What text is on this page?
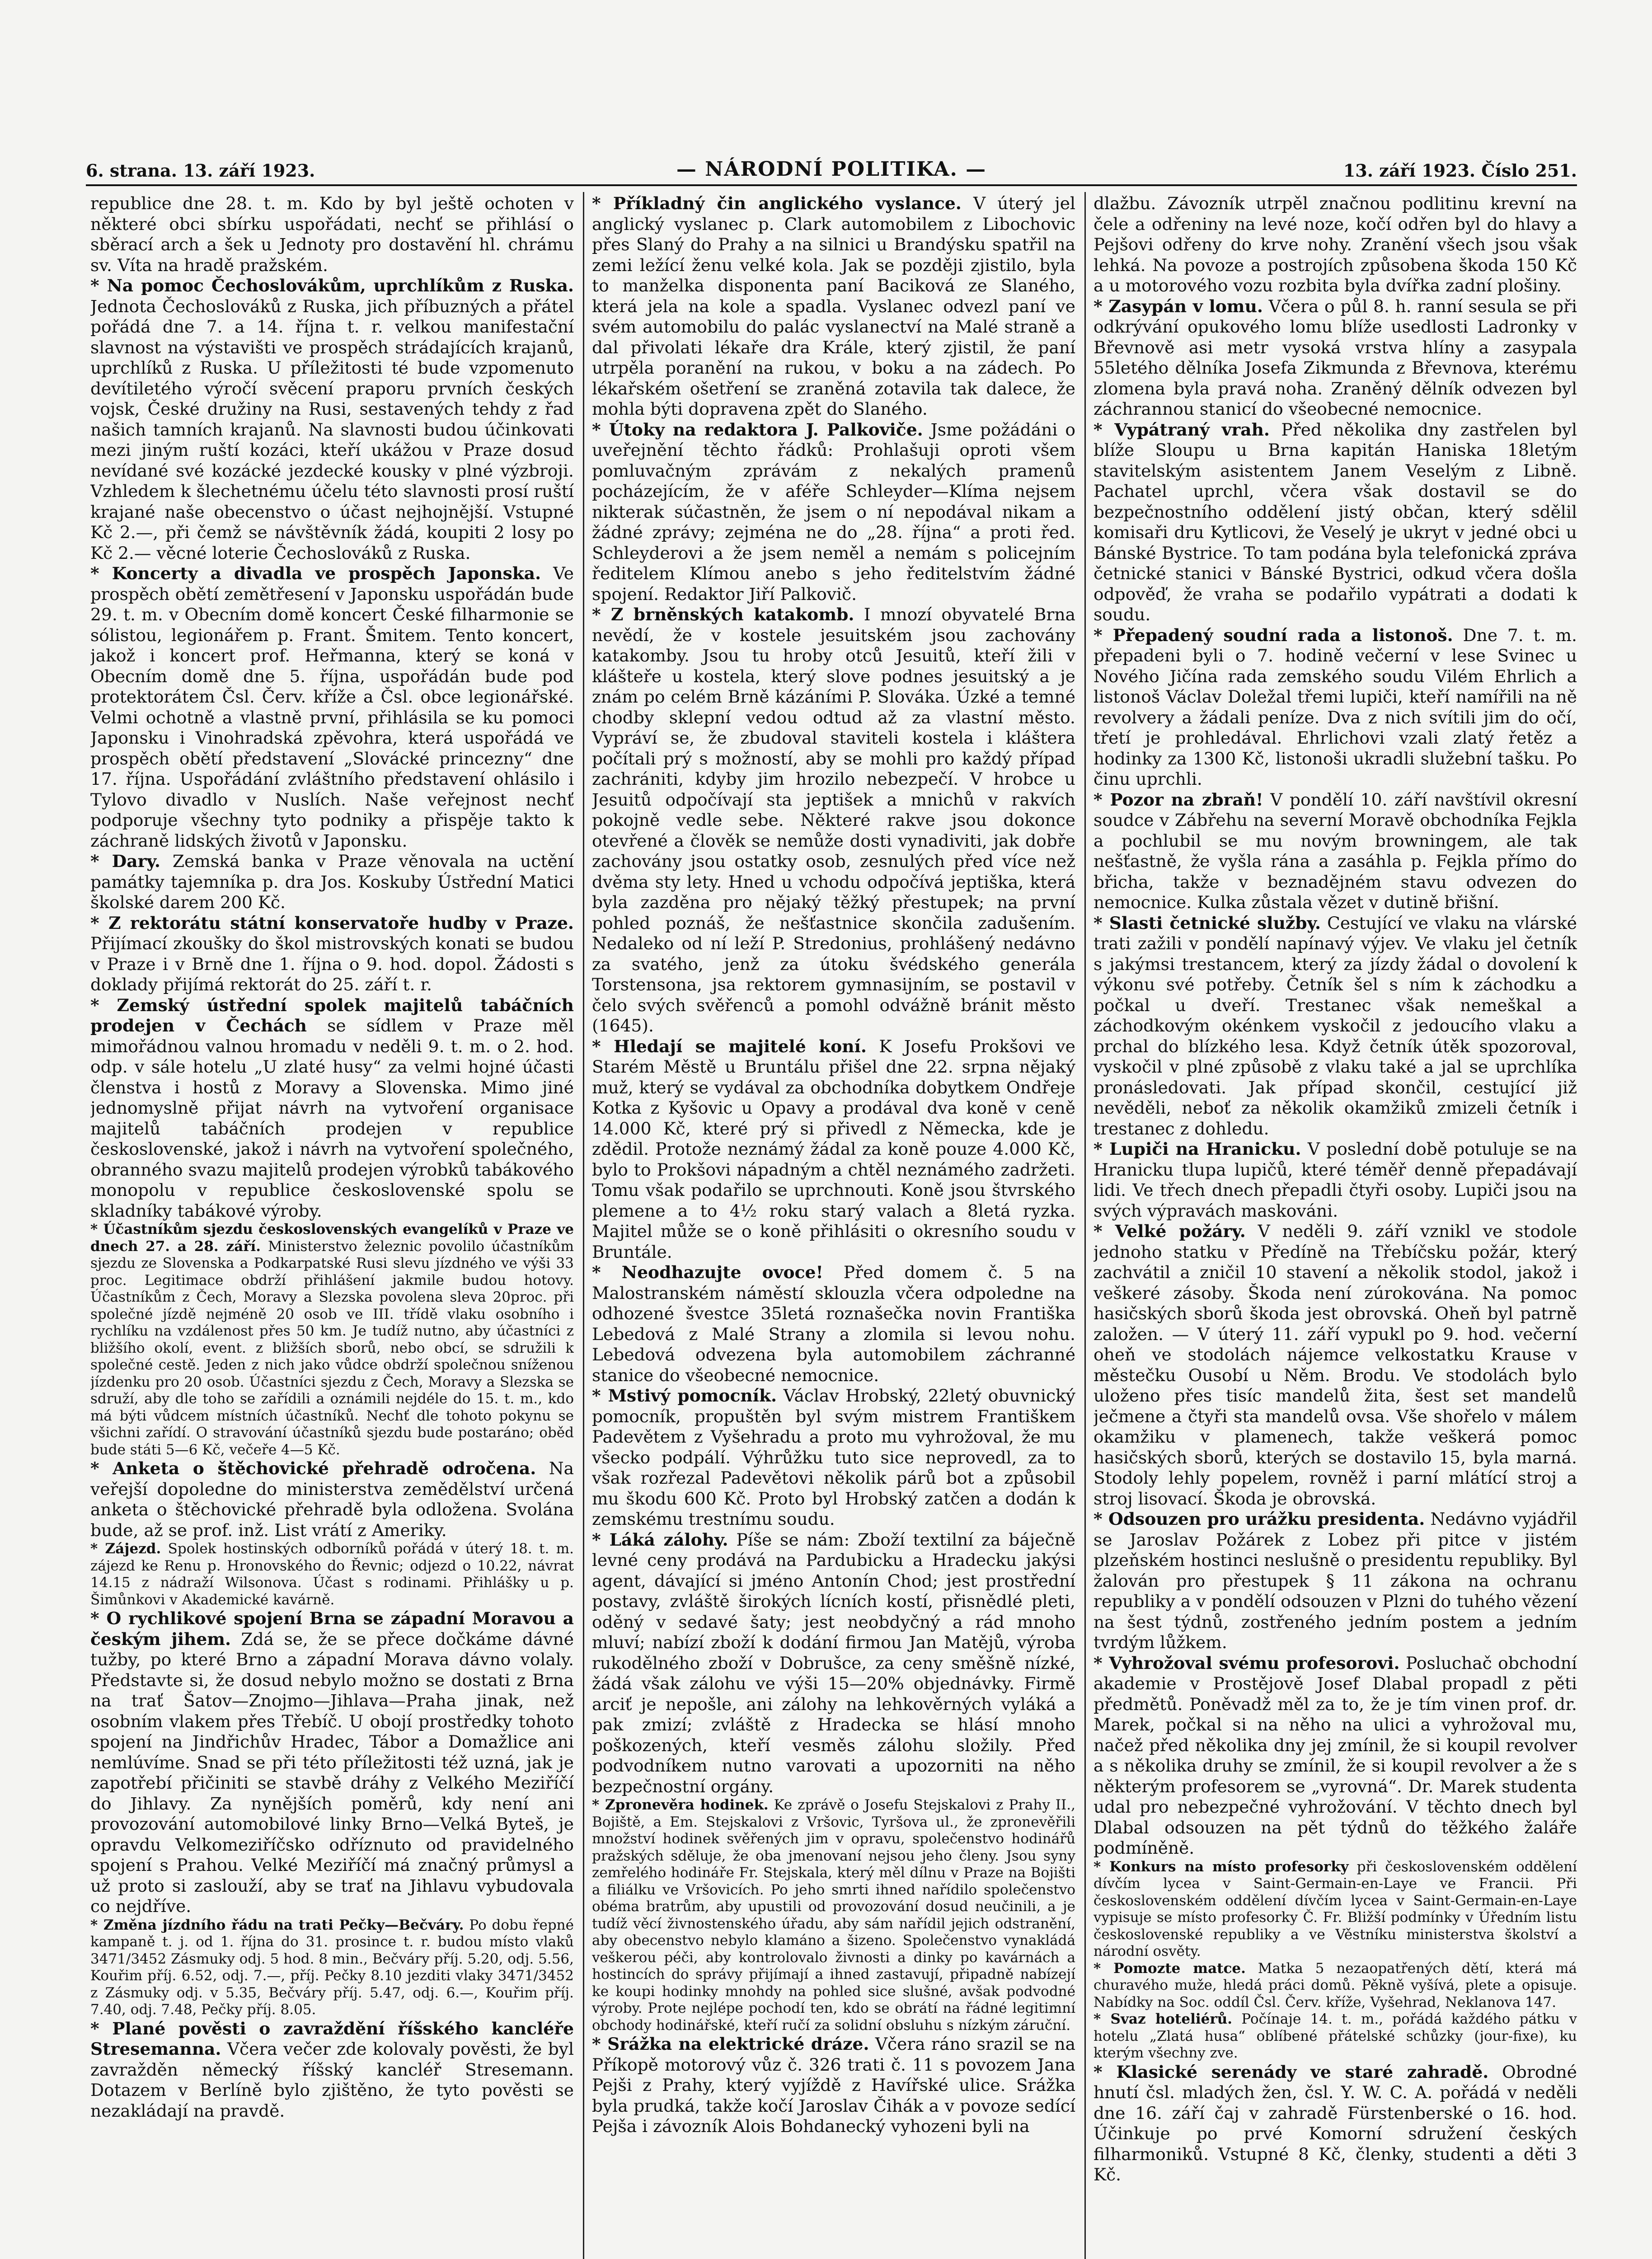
6. strana. 13. září 1923.	— NÁRODNÍ POLITIKA. —	13. září 1923. Číslo 251.

republice dne 28. t. m. Kdo by byl ještě ochoten v některé obci sbírku uspořádati, nechť se přihlásí o sběrací arch a šek u Jednoty pro dostavění hl. chrámu sv. Víta na hradě pražském.

* Na pomoc Čechoslovákům, uprchlíkům z Ruska. Jednota Čechoslováků z Ruska, jich příbuzných a přátel pořádá dne 7. a 14. října t. r. velkou manifestační slavnost na výstavišti ve prospěch strádajících krajanů, uprchlíků z Ruska. U příležitosti té bude vzpomenuto devítiletého výročí svěcení praporu prvních českých vojsk, České družiny na Rusi, sestavených tehdy z řad našich tamních krajanů. Na slavnosti budou účinkovati mezi jiným ruští kozáci, kteří ukážou v Praze dosud nevídané své kozácké jezdecké kousky v plné výzbroji. Vzhledem k šlechetnému účelu této slavnosti prosí ruští krajané naše obecenstvo o účast nejhojnější. Vstupné Kč 2.—, při čemž se návštěvník žádá, koupiti 2 losy po Kč 2.— věcné loterie Čechoslováků z Ruska.

* Koncerty a divadla ve prospěch Japonska. Ve prospěch obětí zemětřesení v Japonsku uspořádán bude 29. t. m. v Obecním domě koncert České filharmonie se sólistou, legionářem p. Frant. Šmitem. Tento koncert, jakož i koncert prof. Heřmanna, který se koná v Obecním domě dne 5. října, uspořádán bude pod protektorátem Čsl. Červ. kříže a Čsl. obce legionářské. Velmi ochotně a vlastně první, přihlásila se ku pomoci Japonsku i Vinohradská zpěvohra, která uspořádá ve prospěch obětí představení „Slovácké princezny“ dne 17. října. Uspořádání zvláštního představení ohlásilo i Tylovo divadlo v Nuslích. Naše veřejnost nechť podporuje všechny tyto podniky a přispěje takto k záchraně lidských životů v Japonsku.

* Dary. Zemská banka v Praze věnovala na uctění památky tajemníka p. dra Jos. Koskuby Ústřední Matici školské darem 200 Kč.

* Z rektorátu státní konservatoře hudby v Praze. Přijímací zkoušky do škol mistrovských konati se budou v Praze i v Brně dne 1. října o 9. hod. dopol. Žádosti s doklady přijímá rektorát do 25. září t. r.

* Zemský ústřední spolek majitelů tabáčních prodejen v Čechách se sídlem v Praze měl mimořádnou valnou hromadu v neděli 9. t. m. o 2. hod. odp. v sále hotelu „U zlaté husy“ za velmi hojné účasti členstva i hostů z Moravy a Slovenska. Mimo jiné jednomyslně přijat návrh na vytvoření organisace majitelů tabáčních prodejen v republice československé, jakož i návrh na vytvoření společného, obranného svazu majitelů prodejen výrobků tabákového monopolu v republice československé spolu se skladníky tabákové výroby.

* Účastníkům sjezdu československých evangelíků v Praze ve dnech 27. a 28. září. Ministerstvo železnic povolilo účastníkům sjezdu ze Slovenska a Podkarpatské Rusi slevu jízdného ve výši 33 proc. Legitimace obdrží přihlášení jakmile budou hotovy. Účastníkům z Čech, Moravy a Slezska povolena sleva 20proc. při společné jízdě nejméně 20 osob ve III. třídě vlaku osobního i rychlíku na vzdálenost přes 50 km. Je tudíž nutno, aby účastníci z bližšího okolí, event. z bližších sborů, nebo obcí, se sdružili k společné cestě. Jeden z nich jako vůdce obdrží společnou sníženou jízdenku pro 20 osob. Účastníci sjezdu z Čech, Moravy a Slezska se sdruží, aby dle toho se zařídili a oznámili nejdéle do 15. t. m., kdo má býti vůdcem místních účastníků. Nechť dle tohoto pokynu se všichni zařídí. O stravování účastníků sjezdu bude postaráno; oběd bude státi 5—6 Kč, večeře 4—5 Kč.

* Anketa o štěchovické přehradě odročena. Na veřejší dopoledne do ministerstva zemědělství určená anketa o štěchovické přehradě byla odložena. Svolána bude, až se prof. inž. List vrátí z Ameriky.

* Zájezd. Spolek hostinských odborníků pořádá v úterý 18. t. m. zájezd ke Renu p. Hronovského do Řevnic; odjezd o 10.22, návrat 14.15 z nádraží Wilsonova. Účast s rodinami. Přihlášky u p. Šimůnkovi v Akademické kavárně.

* O rychlikové spojení Brna se západní Moravou a českým jihem. Zdá se, že se přece dočkáme dávné tužby, po které Brno a západní Morava dávno volaly. Představte si, že dosud nebylo možno se dostati z Brna na trať Šatov—Znojmo—Jihlava—Praha jinak, než osobním vlakem přes Třebíč. U obojí prostředky tohoto spojení na Jindřichův Hradec, Tábor a Domažlice ani nemlúvíme. Snad se při této příležitosti též uzná, jak je zapotřebí přičiniti se stavbě dráhy z Velkého Meziříčí do Jihlavy. Za nynějších poměrů, kdy není ani provozování automobilové linky Brno—Velká Byteš, je opravdu Velkomeziříčsko odříznuto od pravidelného spojení s Prahou. Velké Meziříčí má značný průmysl a už proto si zaslouží, aby se trať na Jihlavu vybudovala co nejdříve.

* Změna jízdního řádu na trati Pečky—Bečváry. Po dobu řepné kampaně t. j. od 1. října do 31. prosince t. r. budou místo vlaků 3471/3452 Zásmuky odj. 5 hod. 8 min., Bečváry příj. 5.20, odj. 5.56, Kouřim příj. 6.52, odj. 7.—, příj. Pečky 8.10 jezditi vlaky 3471/3452 z Zásmuky odj. v 5.35, Bečváry příj. 5.47, odj. 6.—, Kouřim příj. 7.40, odj. 7.48, Pečky příj. 8.05.

* Plané pověsti o zavraždění říšského kancléře Stresemanna. Včera večer zde kolovaly pověsti, že byl zavražděn německý říšský kancléř Stresemann. Dotazem v Berlíně bylo zjištěno, že tyto pověsti se nezakládají na pravdě.

* Příkladný čin anglického vyslance. V úterý jel anglický vyslanec p. Clark automobilem z Libochovic přes Slaný do Prahy a na silnici u Brandýsku spatřil na zemi ležící ženu velké kola. Jak se později zjistilo, byla to manželka disponenta paní Baciková ze Slaného, která jela na kole a spadla. Vyslanec odvezl paní ve svém automobilu do palác vyslanectví na Malé straně a dal přivolati lékaře dra Krále, který zjistil, že paní utrpěla poranění na rukou, v boku a na zádech. Po lékařském ošetření se zraněná zotavila tak dalece, že mohla býti dopravena zpět do Slaného.

* Útoky na redaktora J. Palkoviče. Jsme požádáni o uveřejnění těchto řádků: Prohlašuji oproti všem pomluvačným zprávám z nekalých pramenů pocházejícím, že v aféře Schleyder—Klíma nejsem nikterak súčastněn, že jsem o ní nepodával nikam a žádné zprávy; zejména ne do „28. října“ a proti řed. Schleyderovi a že jsem neměl a nemám s policejním ředitelem Klímou anebo s jeho ředitelstvím žádné spojení. Redaktor Jiří Palkovič.

* Z brněnských katakomb. I mnozí obyvatelé Brna nevědí, že v kostele jesuitském jsou zachovány katakomby. Jsou tu hroby otců Jesuitů, kteří žili v klášteře u kostela, který slove podnes jesuitský a je znám po celém Brně kázáními P. Slováka. Úzké a temné chodby sklepní vedou odtud až za vlastní město. Vypráví se, že zbudoval staviteli kostela i kláštera počítali prý s možností, aby se mohli pro každý případ zachrániti, kdyby jim hrozilo nebezpečí. V hrobce u Jesuitů odpočívají sta jeptišek a mnichů v rakvích pokojně vedle sebe. Některé rakve jsou dokonce otevřené a člověk se nemůže dosti vynadiviti, jak dobře zachovány jsou ostatky osob, zesnulých před více než dvěma sty lety. Hned u vchodu odpočívá jeptiška, která byla zazděna pro nějaký těžký přestupek; na první pohled poznáš, že nešťastnice skončila zadušením. Nedaleko od ní leží P. Stredonius, prohlášený nedávno za svatého, jenž za útoku švédského generála Torstensona, jsa rektorem gymnasijním, se postavil v čelo svých svěřenců a pomohl odvážně bránit město (1645).

* Hledají se majitelé koní. K Josefu Prokšovi ve Starém Městě u Bruntálu přišel dne 22. srpna nějaký muž, který se vydával za obchodníka dobytkem Ondřeje Kotka z Kyšovic u Opavy a prodával dva koně v ceně 14.000 Kč, které prý si přivedl z Německa, kde je zdědil. Protože neznámý žádal za koně pouze 4.000 Kč, bylo to Prokšovi nápadným a chtěl neznámého zadržeti. Tomu však podařilo se uprchnouti. Koně jsou štvrského plemene a to 4½ roku starý valach a 8letá ryzka. Majitel může se o koně přihlásiti o okresního soudu v Bruntále.

* Neodhazujte ovoce! Před domem č. 5 na Malostranském náměstí sklouzla včera odpoledne na odhozené švestce 35letá roznašečka novin Františka Lebedová z Malé Strany a zlomila si levou nohu. Lebedová odvezena byla automobilem záchranné stanice do všeobecné nemocnice.

* Mstivý pomocník. Václav Hrobský, 22letý obuvnický pomocník, propuštěn byl svým mistrem Františkem Padevětem z Vyšehradu a proto mu vyhrožoval, že mu všecko podpálí. Výhrůžku tuto sice neprovedl, za to však rozřezal Padevětovi několik párů bot a způsobil mu škodu 600 Kč. Proto byl Hrobský zatčen a dodán k zemskému trestnímu soudu.

* Láká zálohy. Píše se nám: Zboží textilní za báječně levné ceny prodává na Pardubicku a Hradecku jakýsi agent, dávající si jméno Antonín Chod; jest prostřední postavy, zvláště širokých lícních kostí, přisnědlé pleti, oděný v sedavé šaty; jest neobdyčný a rád mnoho mluví; nabízí zboží k dodání firmou Jan Matějů, výroba rukodělného zboží v Dobrušce, za ceny směšně nízké, žádá však zálohu ve výši 15—20% objednávky. Firmě arciť je nepošle, ani zálohy na lehkověrných vyláká a pak zmizí; zvláště z Hradecka se hlásí mnoho poškozených, kteří vesměs zálohu složily. Před podvodníkem nutno varovati a upozorniti na něho bezpečnostní orgány.

* Zpronevěra hodinek. Ke zprávě o Josefu Stejskalovi z Prahy II., Bojiště, a Em. Stejskalovi z Vršovic, Tyršova ul., že zpronevěřili množství hodinek svěřených jim v opravu, společenstvo hodinářů pražských sděluje, že oba jmenovaní nejsou jeho členy. Jsou syny zemřelého hodináře Fr. Stejskala, který měl dílnu v Praze na Bojišti a filiálku ve Vršovicích. Po jeho smrti ihned nařídilo společenstvo obéma bratrům, aby upustili od provozování dosud neučinili, a je tudíž věcí živnostenského úřadu, aby sám nařídil jejich odstranění, aby obecenstvo nebylo klamáno a šizeno. Společenstvo vynakládá veškerou péči, aby kontrolovalo živnosti a dinky po kavárnách a hostincích do správy přijímají a ihned zastavují, připadně nabízejí ke koupi hodinky mnohdy na pohled sice slušné, avšak podvodné výroby. Prote nejlépe pochodí ten, kdo se obrátí na řádné legitimní obchody hodinářské, kteří ručí za solidní obsluhu s nízkým záruční.

* Srážka na elektrické dráze. Včera ráno srazil se na Příkopě motorový vůz č. 326 trati č. 11 s povozem Jana Pejši z Prahy, který vyjíždě z Havířské ulice. Srážka byla prudká, takže kočí Jaroslav Čihák a v povoze sedící Pejša i závozník Alois Bohdanecký vyhozeni byli na

dlažbu. Závozník utrpěl značnou podlitinu krevní na čele a odřeniny na levé noze, kočí odřen byl do hlavy a Pejšovi odřeny do krve nohy. Zranění všech jsou však lehká. Na povoze a postrojích způsobena škoda 150 Kč a u motorového vozu rozbita byla dvířka zadní plošiny.

* Zasypán v lomu. Včera o půl 8. h. ranní sesula se při odkrývání opukového lomu blíže usedlosti Ladronky v Břevnově asi metr vysoká vrstva hlíny a zasypala 55letého dělníka Josefa Zikmunda z Břevnova, kterému zlomena byla pravá noha. Zraněný dělník odvezen byl záchrannou stanicí do všeobecné nemocnice.

* Vypátraný vrah. Před několika dny zastřelen byl blíže Sloupu u Brna kapitán Haniska 18letým stavitelským asistentem Janem Veselým z Libně. Pachatel uprchl, včera však dostavil se do bezpečnostního oddělení jistý občan, který sdělil komisaři dru Kytlicovi, že Veselý je ukryt v jedné obci u Bánské Bystrice. To tam podána byla telefonická zpráva četnické stanici v Bánské Bystrici, odkud včera došla odpověď, že vraha se podařilo vypátrati a dodati k soudu.

* Přepadený soudní rada a listonoš. Dne 7. t. m. přepadeni byli o 7. hodině večerní v lese Svinec u Nového Jičína rada zemského soudu Vilém Ehrlich a listonoš Václav Doležal třemi lupiči, kteří namířili na ně revolvery a žádali peníze. Dva z nich svítili jim do očí, třetí je prohledával. Ehrlichovi vzali zlatý řetěz a hodinky za 1300 Kč, listonoši ukradli služební tašku. Po činu uprchli.

* Pozor na zbraň! V pondělí 10. září navštívil okresní soudce v Zábřehu na severní Moravě obchodníka Fejkla a pochlubil se mu novým browningem, ale tak nešťastně, že vyšla rána a zasáhla p. Fejkla přímo do břicha, takže v beznadějném stavu odvezen do nemocnice. Kulka zůstala vězet v dutině břišní.

* Slasti četnické služby. Cestující ve vlaku na vlárské trati zažili v pondělí napínavý výjev. Ve vlaku jel četník s jakýmsi trestancem, který za jízdy žádal o dovolení k výkonu své potřeby. Četník šel s ním k záchodku a počkal u dveří. Trestanec však nemeškal a záchodkovým okénkem vyskočil z jedoucího vlaku a prchal do blízkého lesa. Když četník útěk spozoroval, vyskočil v plné způsobě z vlaku také a jal se uprchlíka pronásledovati. Jak případ skončil, cestující již nevěděli, neboť za několik okamžiků zmizeli četník i trestanec z dohledu.

* Lupiči na Hranicku. V poslední době potuluje se na Hranicku tlupa lupičů, které téměř denně přepadávají lidi. Ve třech dnech přepadli čtyři osoby. Lupiči jsou na svých výpravách maskováni.

* Velké požáry. V neděli 9. září vznikl ve stodole jednoho statku v Předíně na Třebíčsku požár, který zachvátil a zničil 10 stavení a několik stodol, jakož i veškeré zásoby. Škoda není zúrokována. Na pomoc hasičských sborů škoda jest obrovská. Oheň byl patrně založen. — V úterý 11. září vypukl po 9. hod. večerní oheň ve stodolách nájemce velkostatku Krause v městečku Ousobí u Něm. Brodu. Ve stodolách bylo uloženo přes tisíc mandelů žita, šest set mandelů ječmene a čtyři sta mandelů ovsa. Vše shořelo v málem okamžiku v plamenech, takže veškerá pomoc hasičských sborů, kterých se dostavilo 15, byla marná. Stodoly lehly popelem, rovněž i parní mlátící stroj a stroj lisovací. Škoda je obrovská.

* Odsouzen pro urážku presidenta. Nedávno vyjádřil se Jaroslav Požárek z Lobez při pitce v jistém plzeňském hostinci neslušně o presidentu republiky. Byl žalován pro přestupek § 11 zákona na ochranu republiky a v pondělí odsouzen v Plzni do tuhého vězení na šest týdnů, zostřeného jedním postem a jedním tvrdým lůžkem.

* Vyhrožoval svému profesorovi. Posluchač obchodní akademie v Prostějově Josef Dlabal propadl z pěti předmětů. Poněvadž měl za to, že je tím vinen prof. dr. Marek, počkal si na něho na ulici a vyhrožoval mu, načež před několika dny jej zmínil, že si koupil revolver a s několika druhy se zmínil, že si koupil revolver a že s některým profesorem se „vyrovná“. Dr. Marek studenta udal pro nebezpečné vyhrožování. V těchto dnech byl Dlabal odsouzen na pět týdnů do těžkého žaláře podmíněně.

* Konkurs na místo profesorky při československém oddělení dívčím lycea v Saint-Germain-en-Laye ve Francii. Při československém oddělení dívčím lycea v Saint-Germain-en-Laye vypisuje se místo profesorky Č. Fr. Bližší podmínky v Úředním listu československé republiky a ve Věstníku ministerstva školství a národní osvěty.

* Pomozte matce. Matka 5 nezaopatřených dětí, která má churavého muže, hledá práci domů. Pěkně vyšívá, plete a opisuje. Nabídky na Soc. oddíl Čsl. Červ. kříže, Vyšehrad, Neklanova 147.

* Svaz hoteliérů. Počínaje 14. t. m., pořádá každého pátku v hotelu „Zlatá husa“ oblíbené přátelské schůzky (jour-fixe), ku kterým všechny zve.

* Klasické serenády ve staré zahradě. Obrodné hnutí čsl. mladých žen, čsl. Y. W. C. A. pořádá v neděli dne 16. září čaj v zahradě Fürstenberské o 16. hod. Účinkuje po prvé Komorní sdružení českých filharmoniků. Vstupné 8 Kč, členky, studenti a děti 3 Kč.
